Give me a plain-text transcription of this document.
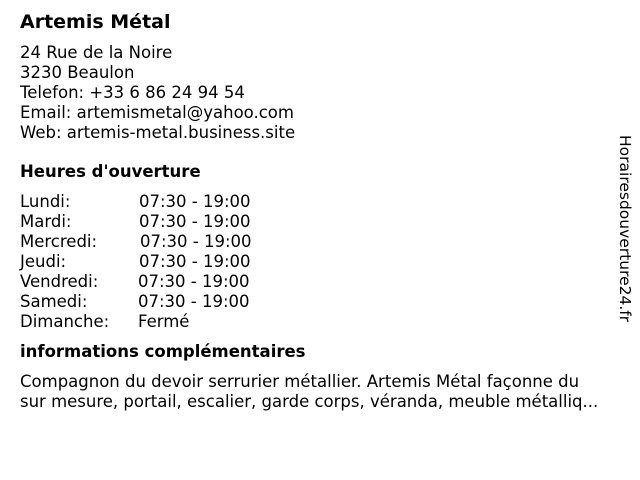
Artemis Métal
24 Rue de la Noire
3230 Beaulon
Telefon: +33 6 86 24 94 54
Email: artemismetal@yahoo.com
Web: artemis-metal.business.site
Heures d'ouverture
Lundi:	07:30 - 19:00
Mardi:	07:30 - 19:00
Mercredi:	07:30 - 19:00
Jeudi:	07:30 - 19:00
Vendredi: 07:30 - 19:00
Samedi:	07:30 - 19:00
Dimanche: Fermé
informations complémentaires
Compagnon du devoir serrurier métallier. Artemis Métal façonne du
sur mesure, portail, escalier, garde corps, véranda, meuble métalliq...
Horairesdouverture24.fr
